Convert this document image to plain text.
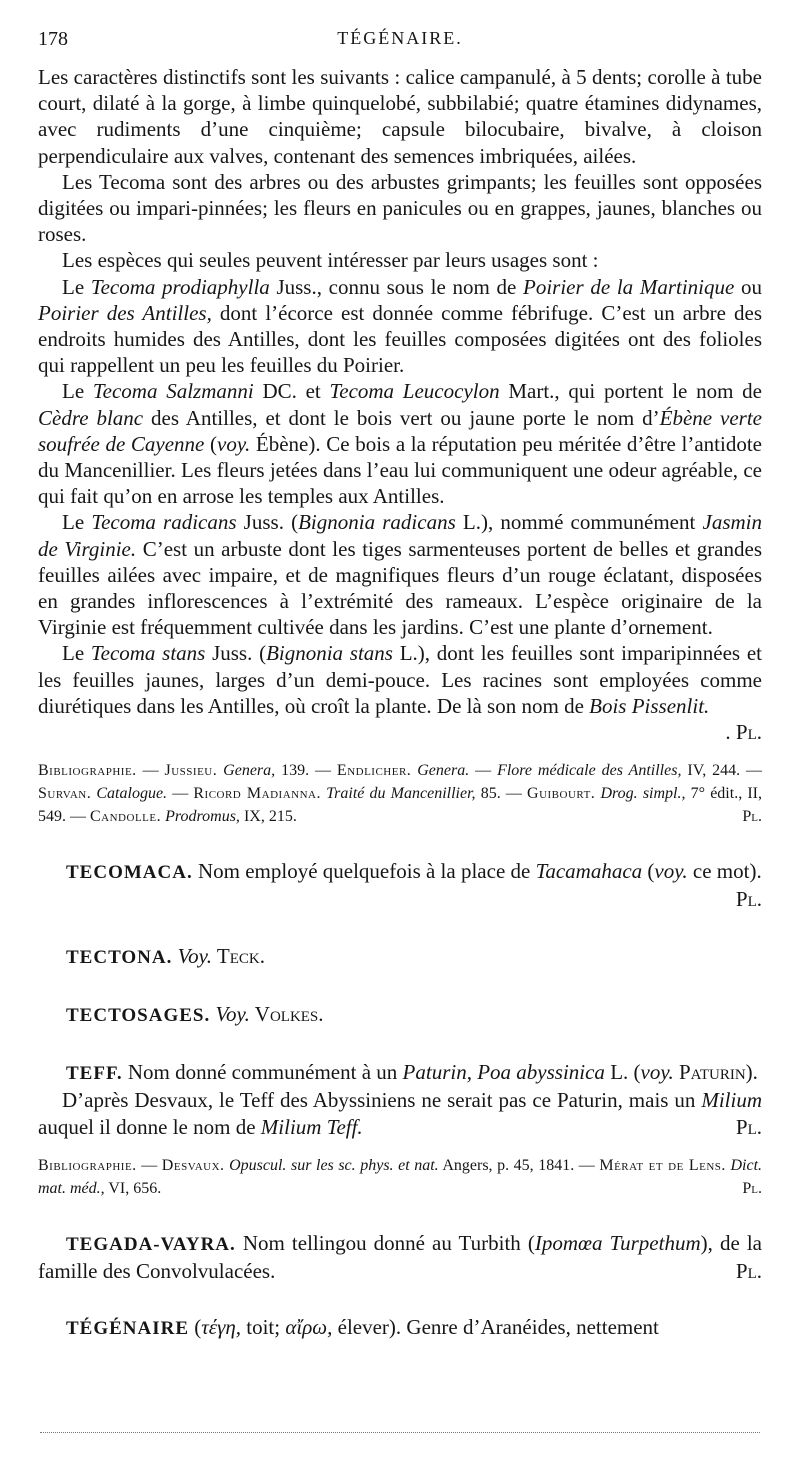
178	TÉGÉNAIRE.

Les caractères distinctifs sont les suivants : calice campanulé, à 5 dents; corolle à tube court, dilaté à la gorge, à limbe quinquelobé, subbilabié; quatre étamines didynames, avec rudiments d’une cinquième; capsule bilocubaire, bivalve, à cloison perpendiculaire aux valves, contenant des semences imbriquées, ailées.

Les Tecoma sont des arbres ou des arbustes grimpants; les feuilles sont opposées digitées ou impari-pinnées; les fleurs en panicules ou en grappes, jaunes, blanches ou roses.

Les espèces qui seules peuvent intéresser par leurs usages sont :

Le Tecoma prodiaphylla Juss., connu sous le nom de Poirier de la Martinique ou Poirier des Antilles, dont l’écorce est donnée comme fébrifuge. C’est un arbre des endroits humides des Antilles, dont les feuilles composées digitées ont des folioles qui rappellent un peu les feuilles du Poirier.

Le Tecoma Salzmanni DC. et Tecoma Leucocylon Mart., qui portent le nom de Cèdre blanc des Antilles, et dont le bois vert ou jaune porte le nom d’Ébène verte soufrée de Cayenne (voy. Ébène). Ce bois a la réputation peu méritée d’être l’antidote du Mancenillier. Les fleurs jetées dans l’eau lui communiquent une odeur agréable, ce qui fait qu’on en arrose les temples aux Antilles.

Le Tecoma radicans Juss. (Bignonia radicans L.), nommé communément Jasmin de Virginie. C’est un arbuste dont les tiges sarmenteuses portent de belles et grandes feuilles ailées avec impaire, et de magnifiques fleurs d’un rouge éclatant, disposées en grandes inflorescences à l’extrémité des rameaux. L’espèce originaire de la Virginie est fréquemment cultivée dans les jardins. C’est une plante d’ornement.

Le Tecoma stans Juss. (Bignonia stans L.), dont les feuilles sont imparipinnées et les feuilles jaunes, larges d’un demi-pouce. Les racines sont employées comme diurétiques dans les Antilles, où croît la plante. De là son nom de Bois Pissenlit.
. Pl.

Bibliographie. — Jussieu. Genera, 139. — Endlicher. Genera. — Flore médicale des Antilles, IV, 244. — Survan. Catalogue. — Ricord Madianna. Traité du Mancenillier, 85. — Guibourt. Drog. simpl., 7° édit., II, 549. — Candolle. Prodromus, IX, 215.	Pl.

TECOMACA. Nom employé quelquefois à la place de Tacamahaca (voy. ce mot).
Pl.

TECTONA. Voy. Teck.

TECTOSAGES. Voy. Volkes.

TEFF. Nom donné communément à un Paturin, Poa abyssinica L. (voy. Paturin).

D’après Desvaux, le Teff des Abyssiniens ne serait pas ce Paturin, mais un Milium auquel il donne le nom de Milium Teff.	Pl.

Bibliographie. — Desvaux. Opuscul. sur les sc. phys. et nat. Angers, p. 45, 1841. — Mérat et de Lens. Dict. mat. méd., VI, 656.	Pl.

TEGADA-VAYRA. Nom tellingou donné au Turbith (Ipomœa Turpethum), de la famille des Convolvulacées.	Pl.

TÉGÉNAIRE (τέγη, toit; αἴρω, élever). Genre d’Aranéides, nettement
